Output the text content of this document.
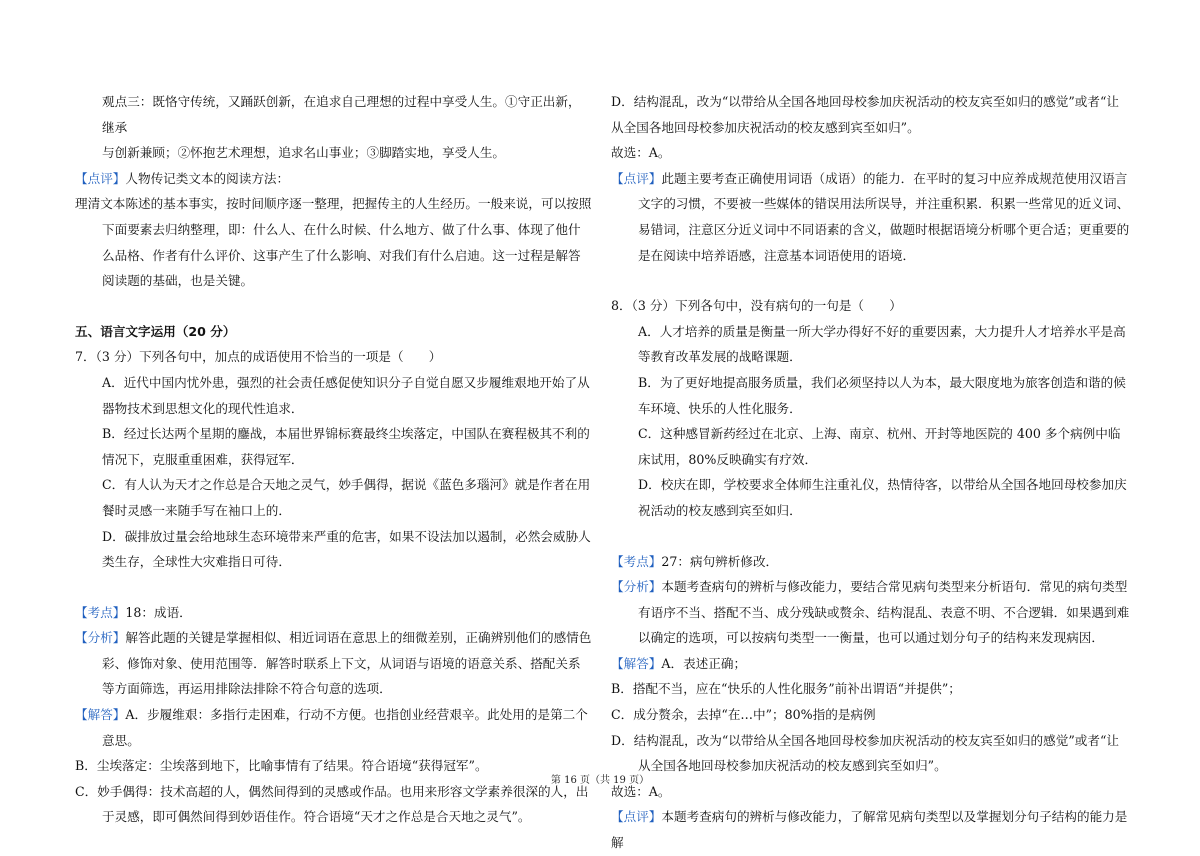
观点三：既恪守传统，又踊跃创新，在追求自己理想的过程中享受人生。①守正出新，继承

与创新兼顾；②怀抱艺术理想，追求名山事业；③脚踏实地，享受人生。

【点评】人物传记类文本的阅读方法：

理清文本陈述的基本事实，按时间顺序逐一整理，把握传主的人生经历。一般来说，可以按照下面要素去归纳整理，即：什么人、在什么时候、什么地方、做了什么事、体现了他什么品格、作者有什么评价、这事产生了什么影响、对我们有什么启迪。这一过程是解答阅读题的基础，也是关键。

五、语言文字运用（20 分）

7．（3 分）下列各句中，加点的成语使用不恰当的一项是（　　）

A．近代中国内忧外患，强烈的社会责任感促使知识分子自觉自愿又步履维艰地开始了从器物技术到思想文化的现代性追求．

B．经过长达两个星期的鏖战，本届世界锦标赛最终尘埃落定，中国队在赛程极其不利的情况下，克服重重困难，获得冠军．

C．有人认为天才之作总是合天地之灵气，妙手偶得，据说《蓝色多瑙河》就是作者在用餐时灵感一来随手写在袖口上的．

D．碳排放过量会给地球生态环境带来严重的危害，如果不设法加以遏制，必然会威胁人类生存，全球性大灾难指日可待．

【考点】18：成语．

【分析】解答此题的关键是掌握相似、相近词语在意思上的细微差别，正确辨别他们的感情色彩、修饰对象、使用范围等．解答时联系上下文，从词语与语境的语意关系、搭配关系等方面筛选，再运用排除法排除不符合句意的选项．

【解答】A．步履维艰：多指行走困难，行动不方便。也指创业经营艰辛。此处用的是第二个意思。

B．尘埃落定：尘埃落到地下，比喻事情有了结果。符合语境“获得冠军”。

C．妙手偶得：技术高超的人，偶然间得到的灵感或作品。也用来形容文学素养很深的人，出于灵感，即可偶然间得到妙语佳作。符合语境“天才之作总是合天地之灵气”。

D．结构混乱，改为“以带给从全国各地回母校参加庆祝活动的校友宾至如归的感觉”或者“让从全国各地回母校参加庆祝活动的校友感到宾至如归”。

故选：A。

【点评】此题主要考查正确使用词语（成语）的能力．在平时的复习中应养成规范使用汉语言文字的习惯，不要被一些媒体的错误用法所误导，并注重积累．积累一些常见的近义词、易错词，注意区分近义词中不同语素的含义，做题时根据语境分析哪个更合适；更重要的是在阅读中培养语感，注意基本词语使用的语境．

8．（3 分）下列各句中，没有病句的一句是（　　）

A．人才培养的质量是衡量一所大学办得好不好的重要因素，大力提升人才培养水平是高等教育改革发展的战略课题．

B．为了更好地提高服务质量，我们必须坚持以人为本，最大限度地为旅客创造和谐的候车环境、快乐的人性化服务．

C．这种感冒新药经过在北京、上海、南京、杭州、开封等地医院的 400 多个病例中临床试用，80%反映确实有疗效．

D．校庆在即，学校要求全体师生注重礼仪，热情待客，以带给从全国各地回母校参加庆祝活动的校友感到宾至如归．

【考点】27：病句辨析修改．

【分析】本题考查病句的辨析与修改能力，要结合常见病句类型来分析语句．常见的病句类型有语序不当、搭配不当、成分残缺或赘余、结构混乱、表意不明、不合逻辑．如果遇到难以确定的选项，可以按病句类型一一衡量，也可以通过划分句子的结构来发现病因．

【解答】A．表述正确；

B．搭配不当，应在“快乐的人性化服务”前补出谓语“并提供”；

C．成分赘余，去掉“在…中”；80%指的是病例

D．结构混乱，改为“以带给从全国各地回母校参加庆祝活动的校友宾至如归的感觉”或者“让从全国各地回母校参加庆祝活动的校友感到宾至如归”。

故选：A。

【点评】本题考查病句的辨析与修改能力，了解常见病句类型以及掌握划分句子结构的能力是解

第 16 页（共 19 页）
